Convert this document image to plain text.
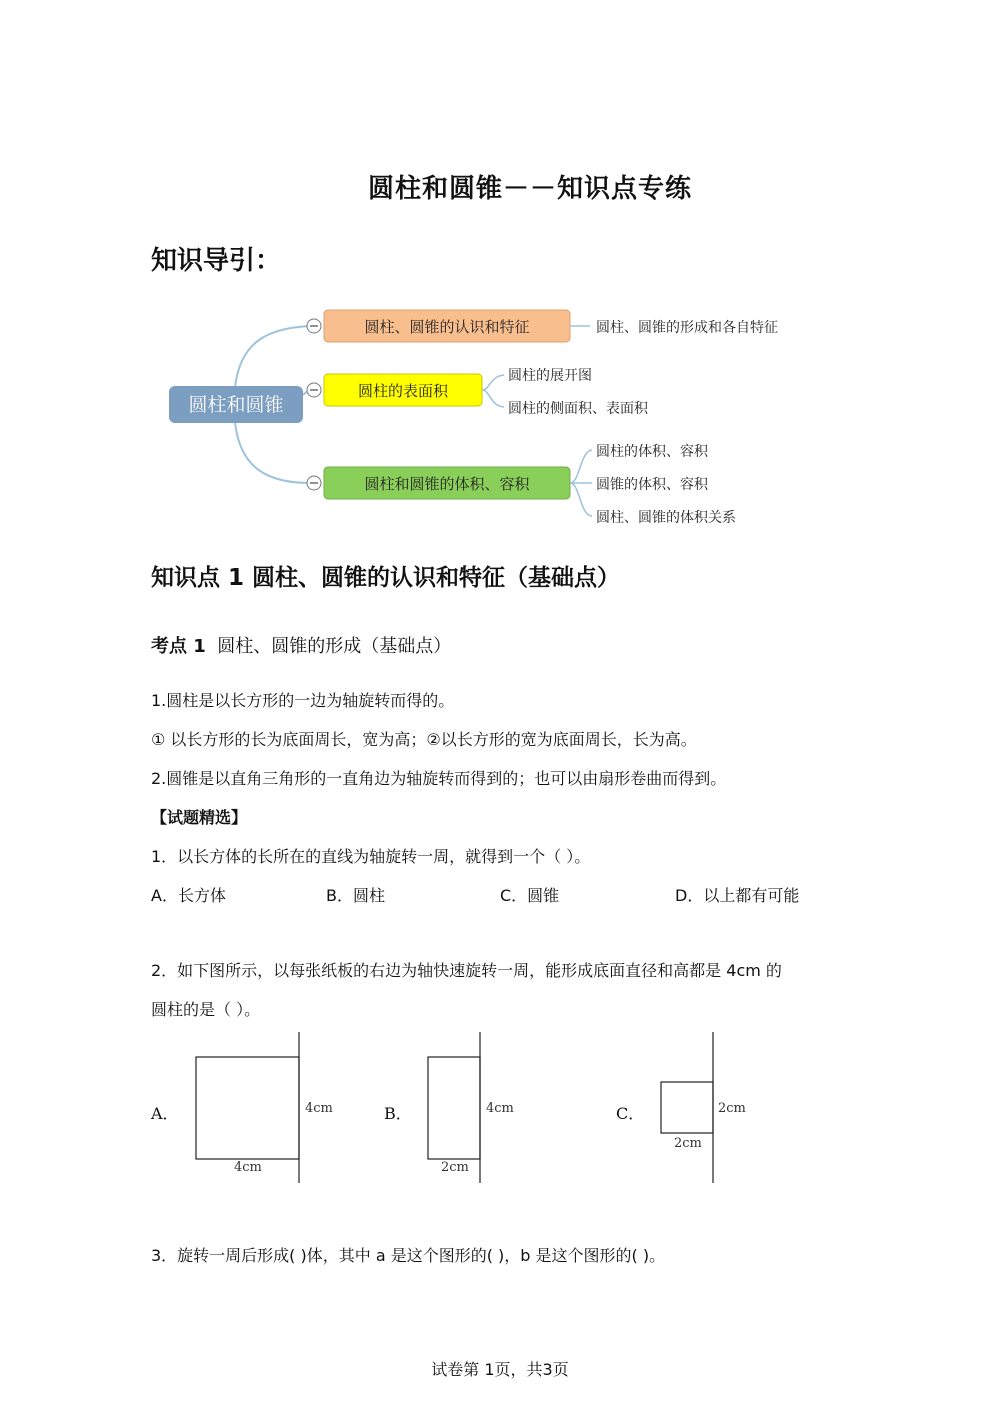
圆柱和圆锥－－知识点专练
知识导引：
圆柱和圆锥
圆柱、圆锥的认识和特征	圆柱、圆锥的形成和各自特征
圆柱的表面积
圆柱的展开图
圆柱的侧面积、表面积
圆柱和圆锥的体积、容积
圆柱的体积、容积
圆锥的体积、容积
圆柱、圆锥的体积关系
知识点 1 圆柱、圆锥的认识和特征（基础点）
考点 1 圆柱、圆锥的形成（基础点）
1.圆柱是以长方形的一边为轴旋转而得的。
① 以长方形的长为底面周长，宽为高；②以长方形的宽为底面周长，长为高。
2.圆锥是以直角三角形的一直角边为轴旋转而得到的；也可以由扇形卷曲而得到。
【试题精选】
1．以长方体的长所在的直线为轴旋转一周，就得到一个（ ）。
A．长方体	B．圆柱	C．圆锥	D．以上都有可能
2．如下图所示，以每张纸板的右边为轴快速旋转一周，能形成底面直径和高都是 4cm 的
圆柱的是（ ）。
A．	4cm
4cm
B．	4cm
2cm
C．	2cm
2cm
3．旋转一周后形成( )体，其中 a 是这个图形的( )，b 是这个图形的( )。
试卷第 1页，共3页
